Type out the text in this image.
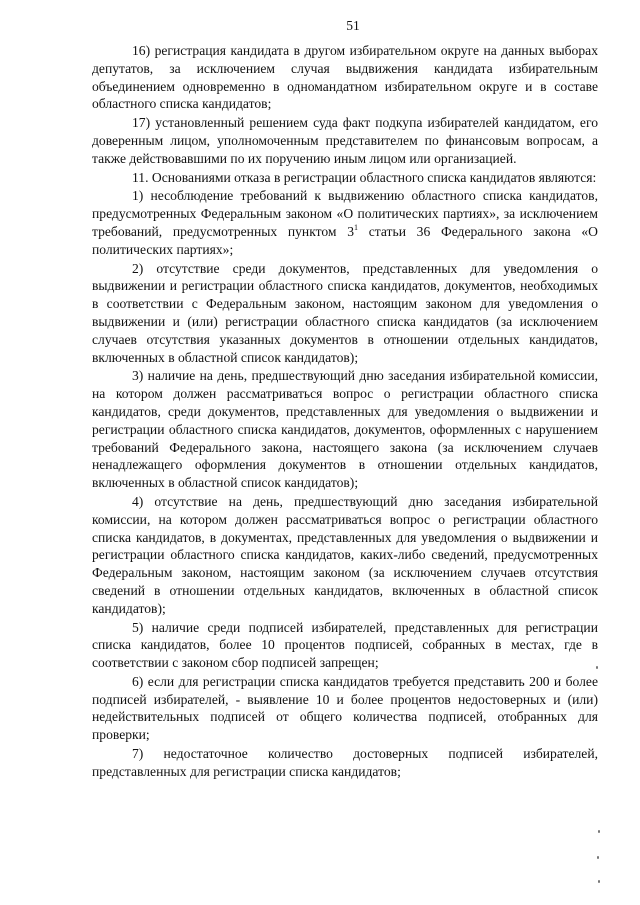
51

16) регистрация кандидата в другом избирательном округе на данных выборах депутатов, за исключением случая выдвижения кандидата избирательным объединением одновременно в одномандатном избирательном округе и в составе областного списка кандидатов;

17) установленный решением суда факт подкупа избирателей кандидатом, его доверенным лицом, уполномоченным представителем по финансовым вопросам, а также действовавшими по их поручению иным лицом или организацией.

11. Основаниями отказа в регистрации областного списка кандидатов являются:

1) несоблюдение требований к выдвижению областного списка кандидатов, предусмотренных Федеральным законом «О политических партиях», за исключением требований, предусмотренных пунктом $3^1$ статьи 36 Федерального закона «О политических партиях»;

2) отсутствие среди документов, представленных для уведомления о выдвижении и регистрации областного списка кандидатов, документов, необходимых в соответствии с Федеральным законом, настоящим законом для уведомления о выдвижении и (или) регистрации областного списка кандидатов (за исключением случаев отсутствия указанных документов в отношении отдельных кандидатов, включенных в областной список кандидатов);

3) наличие на день, предшествующий дню заседания избирательной комиссии, на котором должен рассматриваться вопрос о регистрации областного списка кандидатов, среди документов, представленных для уведомления о выдвижении и регистрации областного списка кандидатов, документов, оформленных с нарушением требований Федерального закона, настоящего закона (за исключением случаев ненадлежащего оформления документов в отношении отдельных кандидатов, включенных в областной список кандидатов);

4) отсутствие на день, предшествующий дню заседания избирательной комиссии, на котором должен рассматриваться вопрос о регистрации областного списка кандидатов, в документах, представленных для уведомления о выдвижении и регистрации областного списка кандидатов, каких-либо сведений, предусмотренных Федеральным законом, настоящим законом (за исключением случаев отсутствия сведений в отношении отдельных кандидатов, включенных в областной список кандидатов);

5) наличие среди подписей избирателей, представленных для регистрации списка кандидатов, более 10 процентов подписей, собранных в местах, где в соответствии с законом сбор подписей запрещен;

6) если для регистрации списка кандидатов требуется представить 200 и более подписей избирателей, - выявление 10 и более процентов недостоверных и (или) недействительных подписей от общего количества подписей, отобранных для проверки;

7) недостаточное количество достоверных подписей избирателей, представленных для регистрации списка кандидатов;
